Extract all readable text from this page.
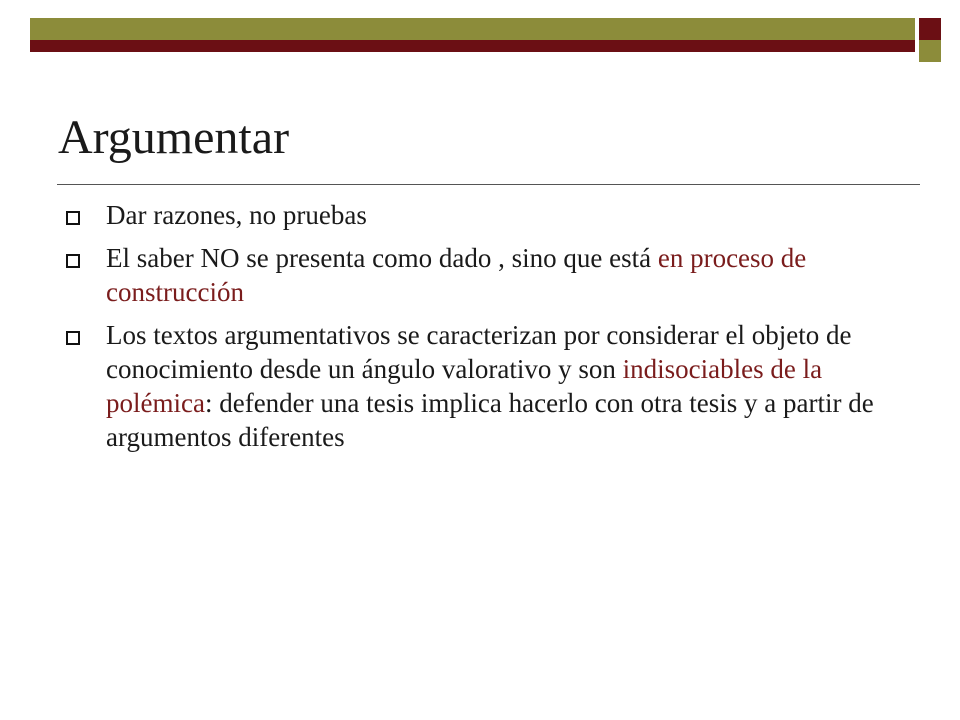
Argumentar
Dar razones, no pruebas
El saber NO se presenta como dado , sino que está en proceso de construcción
Los textos argumentativos se caracterizan por considerar el objeto de conocimiento desde un ángulo valorativo y son indisociables de la polémica: defender una tesis implica hacerlo con otra tesis y a partir de argumentos diferentes
